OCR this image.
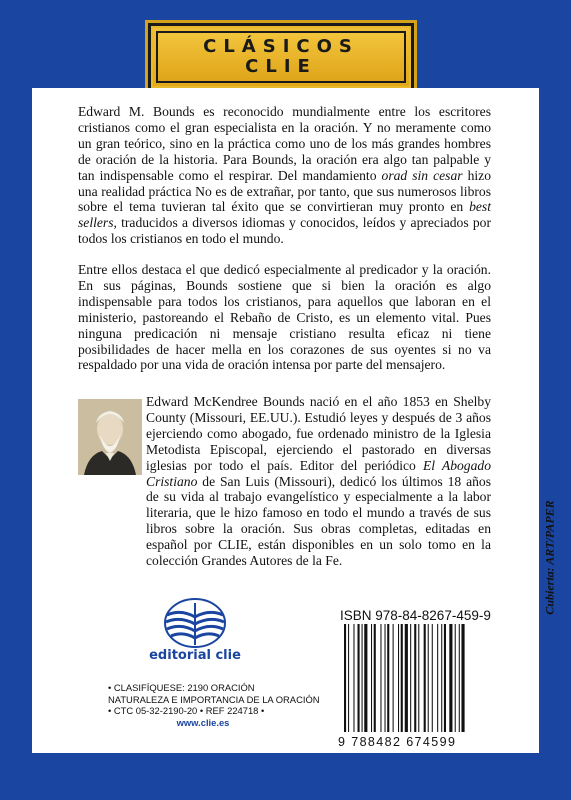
CLÁSICOS
CLIE

Edward M. Bounds es reconocido mundialmente entre los escritores cristianos como el gran especialista en la oración. Y no meramente como un gran teórico, sino en la práctica como uno de los más grandes hombres de oración de la historia. Para Bounds, la oración era algo tan palpable y tan indispensable como el respirar. Del mandamiento orad sin cesar hizo una realidad práctica No es de extrañar, por tanto, que sus numerosos libros sobre el tema tuvieran tal éxito que se convirtieran muy pronto en best sellers, traducidos a diversos idiomas y conocidos, leídos y apreciados por todos los cristianos en todo el mundo.

Entre ellos destaca el que dedicó especialmente al predicador y la oración. En sus páginas, Bounds sostiene que si bien la oración es algo indispensable para todos los cristianos, para aquellos que laboran en el ministerio, pastoreando el Rebaño de Cristo, es un elemento vital. Pues ninguna predicación ni mensaje cristiano resulta eficaz ni tiene posibilidades de hacer mella en los corazones de sus oyentes si no va respaldado por una vida de oración intensa por parte del mensajero.

Edward McKendree Bounds nació en el año 1853 en Shelby County (Missouri, EE.UU.). Estudió leyes y después de 3 años ejerciendo como abogado, fue ordenado ministro de la Iglesia Metodista Episcopal, ejerciendo el pastorado en diversas iglesias por todo el país. Editor del periódico El Abogado Cristiano de San Luis (Missouri), dedicó los últimos 18 años de su vida al trabajo evangelístico y especialmente a la labor literaria, que le hizo famoso en todo el mundo a través de sus libros sobre la oración. Sus obras completas, editadas en español por CLIE, están disponibles en un solo tomo en la colección Grandes Autores de la Fe.	Cubierta: ART/PAPER
editorial clie
• CLASIFÍQUESE: 2190 ORACIÓN
NATURALEZA E IMPORTANCIA DE LA ORACIÓN
• CTC 05-32-2190-20 • REF 224718 •
www.clie.es
ISBN 978-84-8267-459-9
9 788482 674599
